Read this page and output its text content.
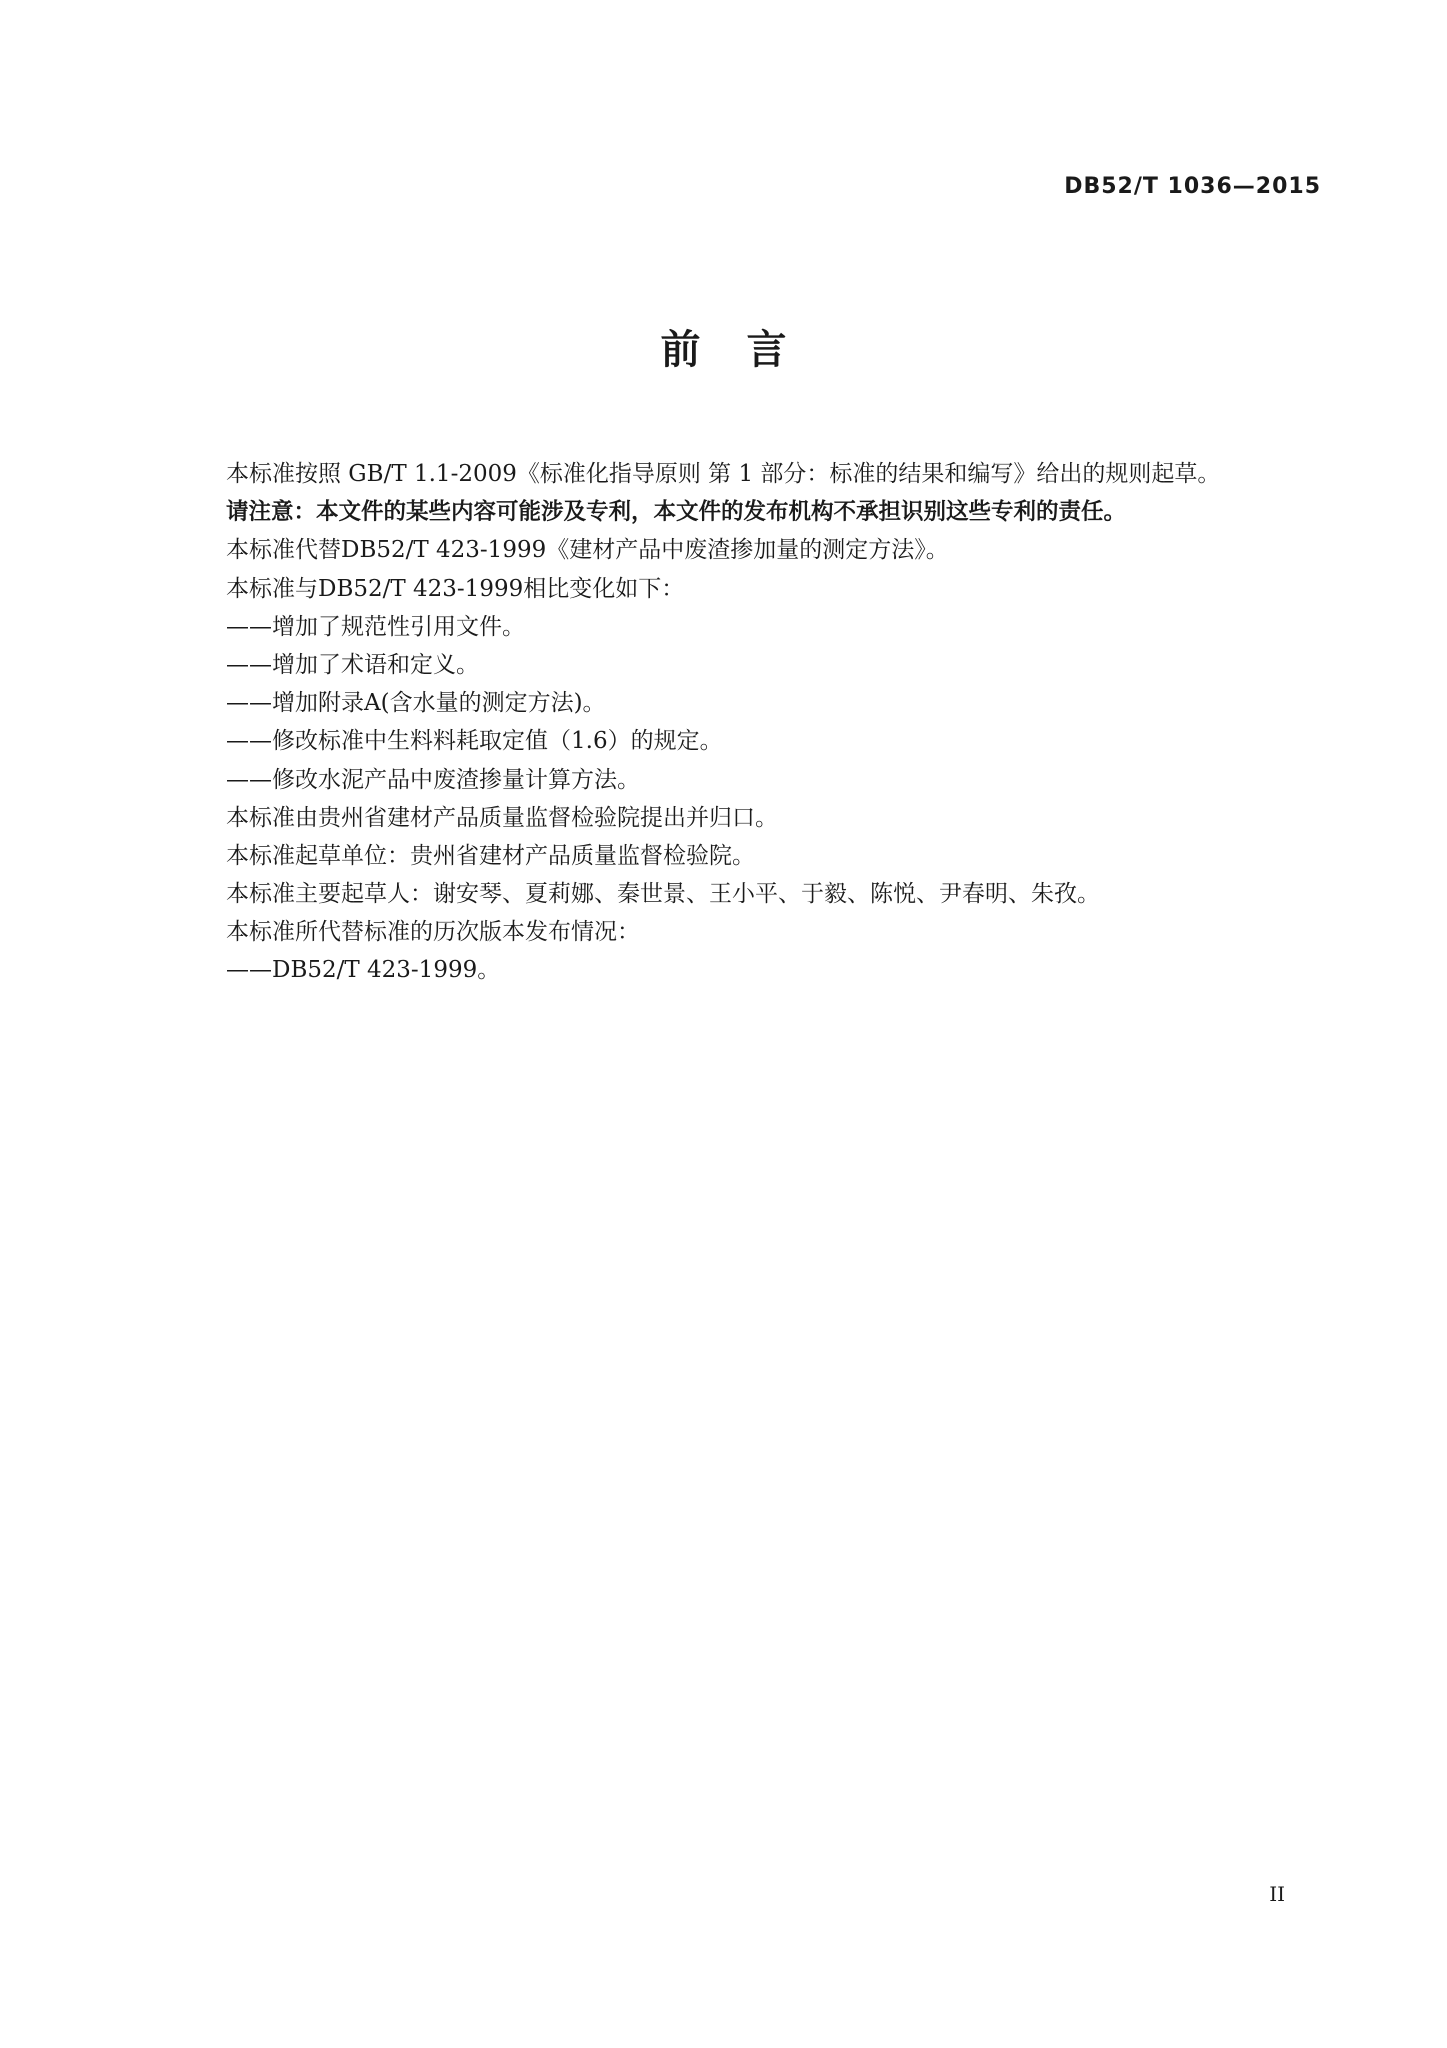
DB52/T 1036—2015
前言
本标准按照 GB/T 1.1-2009《标准化指导原则 第 1 部分：标准的结果和编写》给出的规则起草。
请注意：本文件的某些内容可能涉及专利，本文件的发布机构不承担识别这些专利的责任。
本标准代替DB52/T 423-1999《建材产品中废渣掺加量的测定方法》。
本标准与DB52/T 423-1999相比变化如下：
——增加了规范性引用文件。
——增加了术语和定义。
——增加附录A(含水量的测定方法)。
——修改标准中生料料耗取定值（1.6）的规定。
——修改水泥产品中废渣掺量计算方法。
本标准由贵州省建材产品质量监督检验院提出并归口。
本标准起草单位：贵州省建材产品质量监督检验院。
本标准主要起草人：谢安琴、夏莉娜、秦世景、王小平、于毅、陈悦、尹春明、朱孜。
本标准所代替标准的历次版本发布情况：
——DB52/T 423-1999。
II
